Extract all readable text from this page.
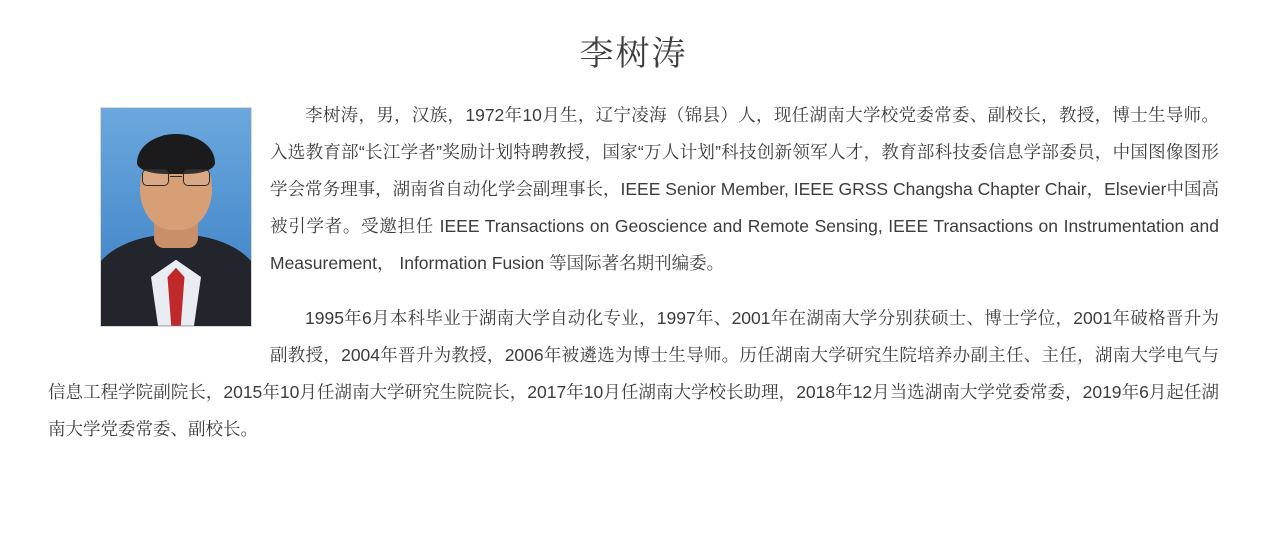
李树涛

李树涛，男，汉族，1972年10月生，辽宁凌海（锦县）人，现任湖南大学校党委常委、副校长，教授，博士生导师。入选教育部“长江学者”奖励计划特聘教授，国家“万人计划”科技创新领军人才，教育部科技委信息学部委员，中国图像图形学会常务理事，湖南省自动化学会副理事长，IEEE Senior Member, IEEE GRSS Changsha Chapter Chair，Elsevier中国高被引学者。受邀担任 IEEE Transactions on Geoscience and Remote Sensing, IEEE Transactions on Instrumentation and Measurement， Information Fusion 等国际著名期刊编委。

1995年6月本科毕业于湖南大学自动化专业，1997年、2001年在湖南大学分别获硕士、博士学位，2001年破格晋升为副教授，2004年晋升为教授，2006年被遴选为博士生导师。历任湖南大学研究生院培养办副主任、主任，湖南大学电气与信息工程学院副院长，2015年10月任湖南大学研究生院院长，2017年10月任湖南大学校长助理，2018年12月当选湖南大学党委常委，2019年6月起任湖南大学党委常委、副校长。
